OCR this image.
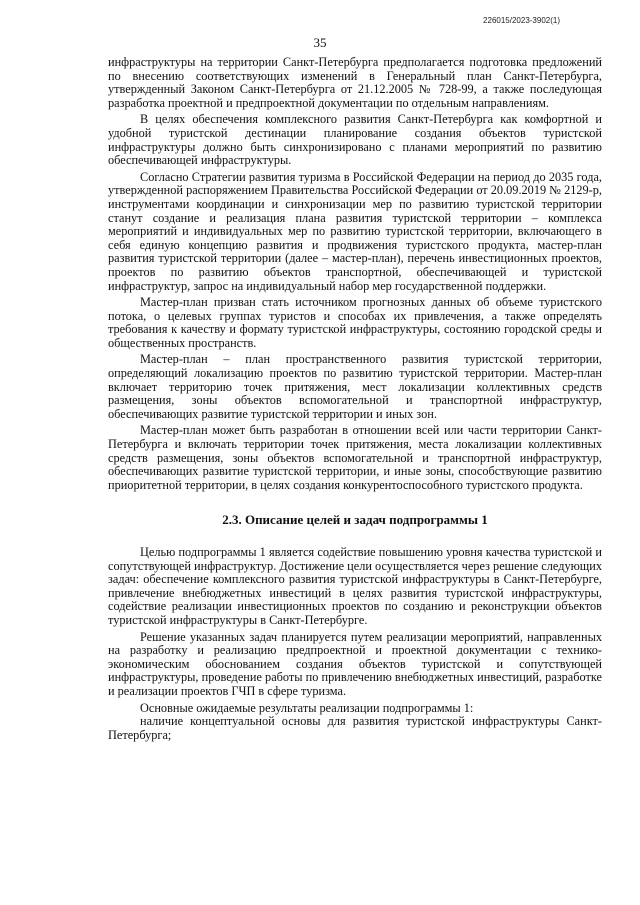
226015/2023-3902(1)
35

инфраструктуры на территории Санкт-Петербурга предполагается подготовка предложений по внесению соответствующих изменений в Генеральный план Санкт-Петербурга, утвержденный Законом Санкт-Петербурга от 21.12.2005 № 728-99, а также последующая разработка проектной и предпроектной документации по отдельным направлениям.

В целях обеспечения комплексного развития Санкт-Петербурга как комфортной и удобной туристской дестинации планирование создания объектов туристской инфраструктуры должно быть синхронизировано с планами мероприятий по развитию обеспечивающей инфраструктуры.

Согласно Стратегии развития туризма в Российской Федерации на период до 2035 года, утвержденной распоряжением Правительства Российской Федерации от 20.09.2019 № 2129-р, инструментами координации и синхронизации мер по развитию туристской территории станут создание и реализация плана развития туристской территории – комплекса мероприятий и индивидуальных мер по развитию туристской территории, включающего в себя единую концепцию развития и продвижения туристского продукта, мастер-план развития туристской территории (далее – мастер-план), перечень инвестиционных проектов, проектов по развитию объектов транспортной, обеспечивающей и туристской инфраструктур, запрос на индивидуальный набор мер государственной поддержки.

Мастер-план призван стать источником прогнозных данных об объеме туристского потока, о целевых группах туристов и способах их привлечения, а также определять требования к качеству и формату туристской инфраструктуры, состоянию городской среды и общественных пространств.

Мастер-план – план пространственного развития туристской территории, определяющий локализацию проектов по развитию туристской территории. Мастер-план включает территорию точек притяжения, мест локализации коллективных средств размещения, зоны объектов вспомогательной и транспортной инфраструктур, обеспечивающих развитие туристской территории и иных зон.

Мастер-план может быть разработан в отношении всей или части территории Санкт-Петербурга и включать территории точек притяжения, места локализации коллективных средств размещения, зоны объектов вспомогательной и транспортной инфраструктур, обеспечивающих развитие туристской территории, и иные зоны, способствующие развитию приоритетной территории, в целях создания конкурентоспособного туристского продукта.

2.3. Описание целей и задач подпрограммы 1

Целью подпрограммы 1 является содействие повышению уровня качества туристской и сопутствующей инфраструктур. Достижение цели осуществляется через решение следующих задач: обеспечение комплексного развития туристской инфраструктуры в Санкт-Петербурге, привлечение внебюджетных инвестиций в целях развития туристской инфраструктуры, содействие реализации инвестиционных проектов по созданию и реконструкции объектов туристской инфраструктуры в Санкт-Петербурге.

Решение указанных задач планируется путем реализации мероприятий, направленных на разработку и реализацию предпроектной и проектной документации с технико-экономическим обоснованием создания объектов туристской и сопутствующей инфраструктуры, проведение работы по привлечению внебюджетных инвестиций, разработке и реализации проектов ГЧП в сфере туризма.

Основные ожидаемые результаты реализации подпрограммы 1:

наличие концептуальной основы для развития туристской инфраструктуры Санкт-Петербурга;
